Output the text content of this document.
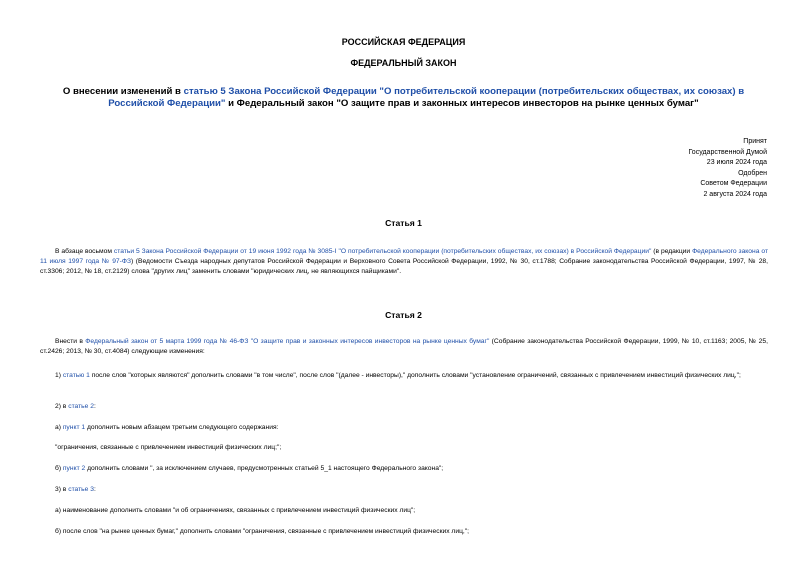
РОССИЙСКАЯ ФЕДЕРАЦИЯ
ФЕДЕРАЛЬНЫЙ ЗАКОН
О внесении изменений в статью 5 Закона Российской Федерации "О потребительской кооперации (потребительских обществах, их союзах) в Российской Федерации" и Федеральный закон "О защите прав и законных интересов инвесторов на рынке ценных бумаг"
Принят
Государственной Думой
23 июля 2024 года
Одобрен
Советом Федерации
2 августа 2024 года
Статья 1
В абзаце восьмом статьи 5 Закона Российской Федерации от 19 июня 1992 года № 3085-I "О потребительской кооперации (потребительских обществах, их союзах) в Российской Федерации" (в редакции Федерального закона от 11 июля 1997 года № 97-ФЗ) (Ведомости Съезда народных депутатов Российской Федерации и Верховного Совета Российской Федерации, 1992, № 30, ст.1788; Собрание законодательства Российской Федерации, 1997, № 28, ст.3306; 2012, № 18, ст.2129) слова "других лиц" заменить словами "юридических лиц, не являющихся пайщиками".
Статья 2
Внести в Федеральный закон от 5 марта 1999 года № 46-ФЗ "О защите прав и законных интересов инвесторов на рынке ценных бумаг" (Собрание законодательства Российской Федерации, 1999, № 10, ст.1163; 2005, № 25, ст.2426; 2013, № 30, ст.4084) следующие изменения:
1) статью 1 после слов "которых являются" дополнить словами "в том числе", после слов "(далее - инвесторы)," дополнить словами "установление ограничений, связанных с привлечением инвестиций физических лиц,";
2) в статье 2:
а) пункт 1 дополнить новым абзацем третьим следующего содержания:
"ограничения, связанные с привлечением инвестиций физических лиц;";
б) пункт 2 дополнить словами ", за исключением случаев, предусмотренных статьей 5_1 настоящего Федерального закона";
3) в статье 3:
а) наименование дополнить словами "и об ограничениях, связанных с привлечением инвестиций физических лиц";
б) после слов "на рынке ценных бумаг," дополнить словами "ограничения, связанные с привлечением инвестиций физических лиц,";
